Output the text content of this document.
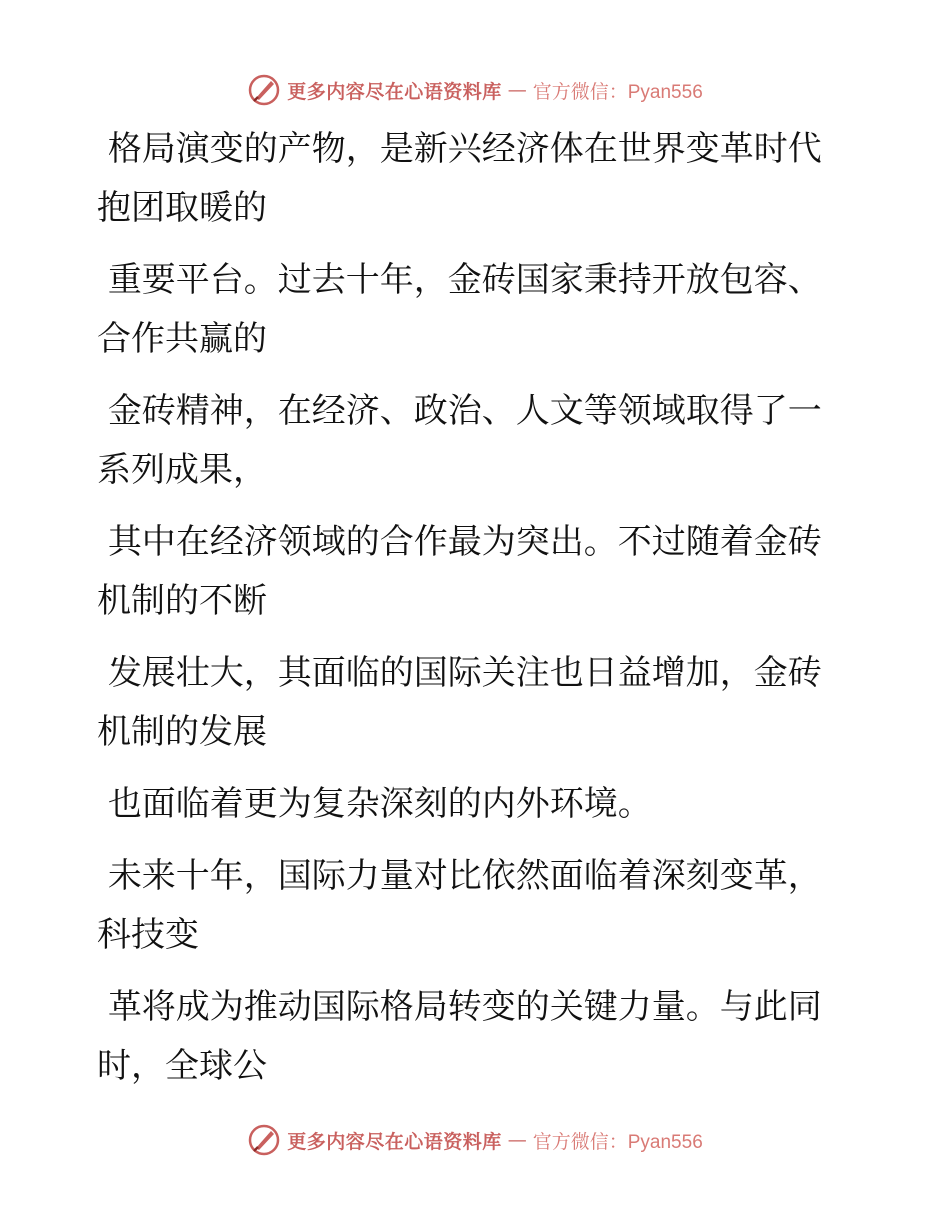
更多内容尽在心语资料库 — 官方微信：Pyan556

格局演变的产物，是新兴经济体在世界变革时代抱团取暖的

重要平台。过去十年，金砖国家秉持开放包容、合作共赢的

金砖精神，在经济、政治、人文等领域取得了一系列成果，

其中在经济领域的合作最为突出。不过随着金砖机制的不断

发展壮大，其面临的国际关注也日益增加，金砖机制的发展

也面临着更为复杂深刻的内外环境。

未来十年，国际力量对比依然面临着深刻变革，科技变

革将成为推动国际格局转变的关键力量。与此同时，全球公

更多内容尽在心语资料库 — 官方微信：Pyan556
